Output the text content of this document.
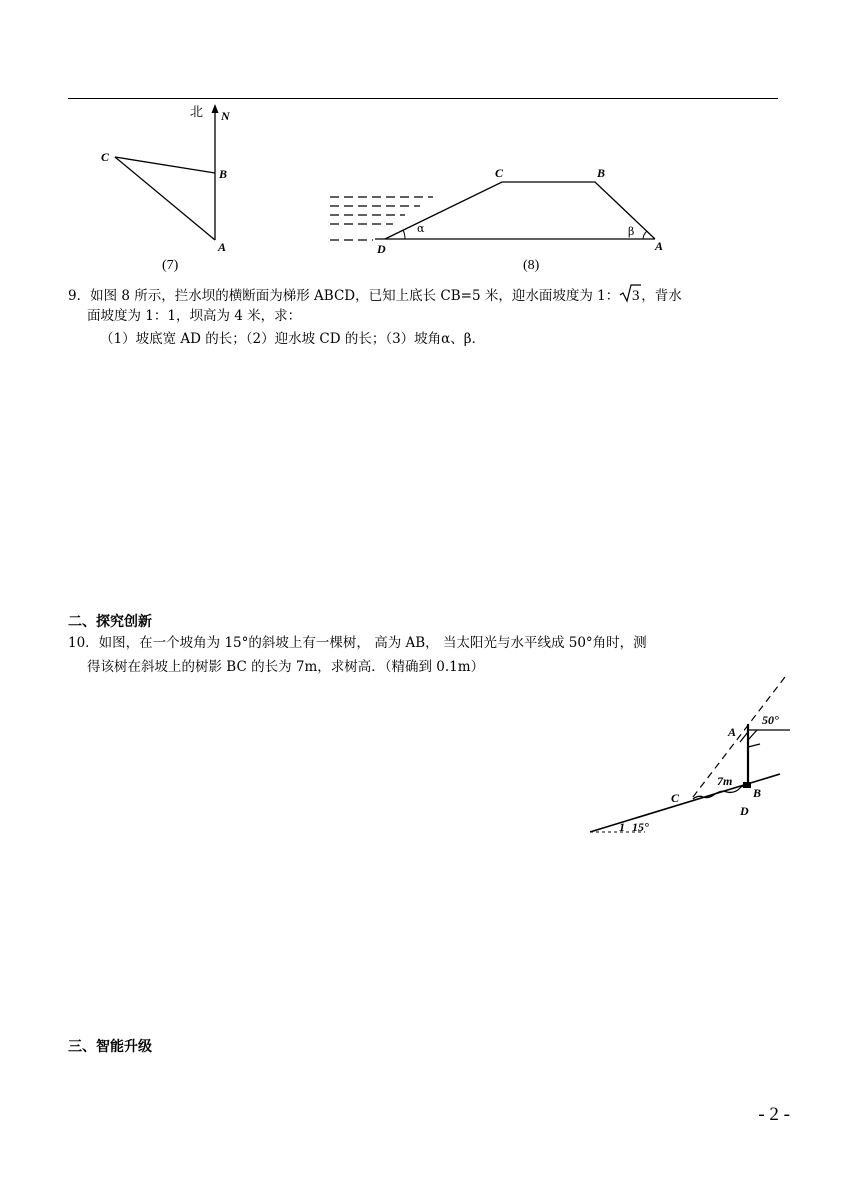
北 N
C
B
A
(7)
C	B
D	A
α	β
(8)
9．如图 8 所示，拦水坝的横断面为梯形 ABCD，已知上底长 CB=5 米，迎水面坡度为 1： 3 ，背水
面坡度为 1：1，坝高为 4 米，求：
（1）坡底宽 AD 的长；（2）迎水坡 CD 的长；（3）坡角α、β．
二、探究创新
10．如图，在一个坡角为 15°的斜坡上有一棵树， 高为 AB， 当太阳光与水平线成 50°角时，测
得该树在斜坡上的树影 BC 的长为 7m，求树高．（精确到 0.1m）
A
50°
7m
C	B
D
1 15°
三、智能升级
- 2 -
